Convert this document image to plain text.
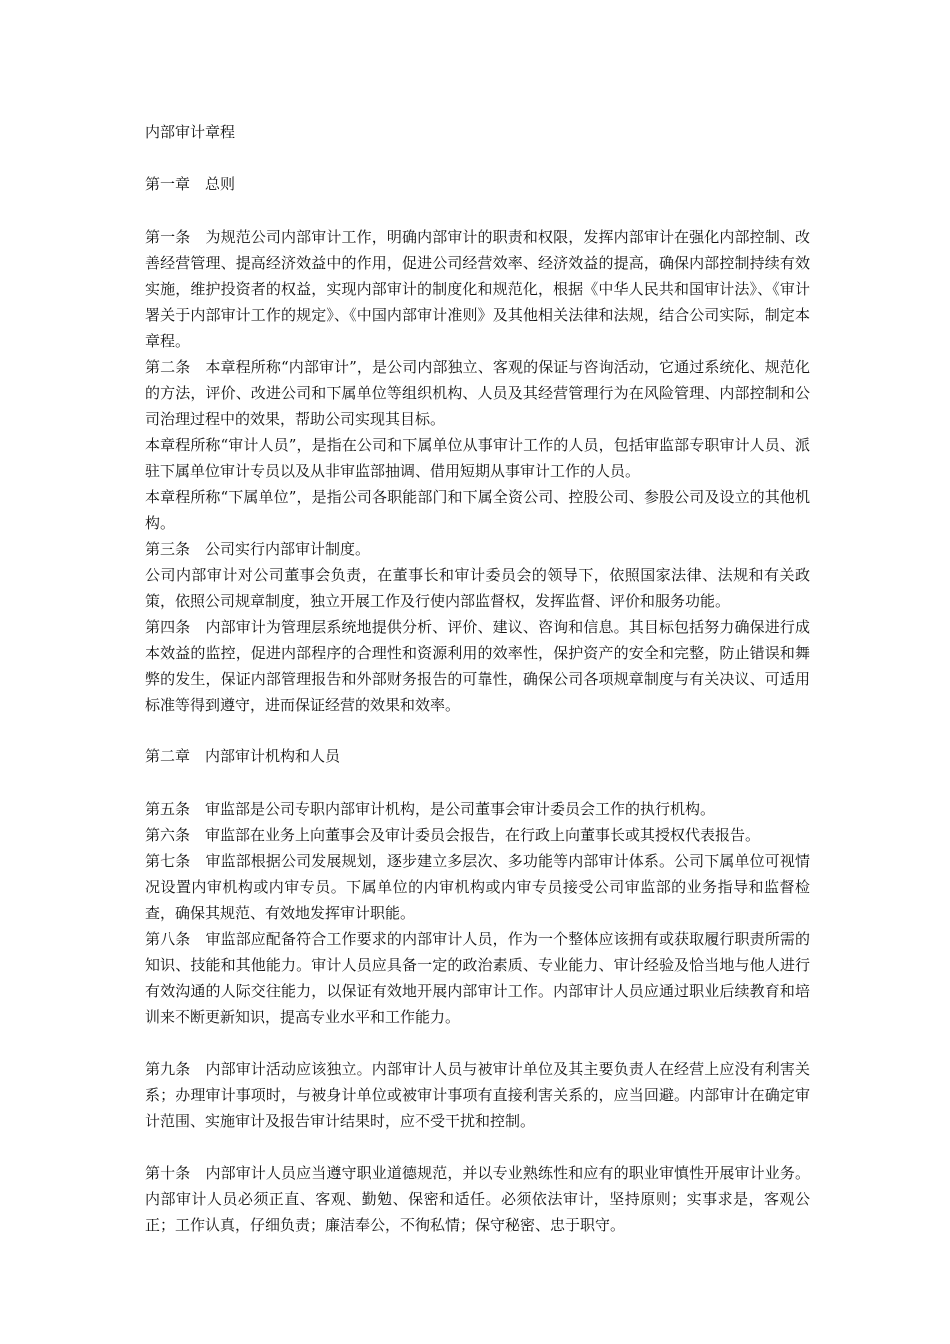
内部审计章程
第一章　总则

第一条　为规范公司内部审计工作，明确内部审计的职责和权限，发挥内部审计在强化内部控制、改善经营管理、提高经济效益中的作用，促进公司经营效率、经济效益的提高，确保内部控制持续有效实施，维护投资者的权益，实现内部审计的制度化和规范化，根据《中华人民共和国审计法》、《审计署关于内部审计工作的规定》、《中国内部审计准则》及其他相关法律和法规，结合公司实际，制定本章程。

第二条　本章程所称“内部审计”，是公司内部独立、客观的保证与咨询活动，它通过系统化、规范化的方法，评价、改进公司和下属单位等组织机构、人员及其经营管理行为在风险管理、内部控制和公司治理过程中的效果，帮助公司实现其目标。

本章程所称“审计人员”，是指在公司和下属单位从事审计工作的人员，包括审监部专职审计人员、派驻下属单位审计专员以及从非审监部抽调、借用短期从事审计工作的人员。

本章程所称“下属单位”，是指公司各职能部门和下属全资公司、控股公司、参股公司及设立的其他机构。

第三条　公司实行内部审计制度。

公司内部审计对公司董事会负责，在董事长和审计委员会的领导下，依照国家法律、法规和有关政策，依照公司规章制度，独立开展工作及行使内部监督权，发挥监督、评价和服务功能。

第四条　内部审计为管理层系统地提供分析、评价、建议、咨询和信息。其目标包括努力确保进行成本效益的监控，促进内部程序的合理性和资源利用的效率性，保护资产的安全和完整，防止错误和舞弊的发生，保证内部管理报告和外部财务报告的可靠性，确保公司各项规章制度与有关决议、可适用标准等得到遵守，进而保证经营的效果和效率。

第二章　内部审计机构和人员

第五条　审监部是公司专职内部审计机构，是公司董事会审计委员会工作的执行机构。

第六条　审监部在业务上向董事会及审计委员会报告，在行政上向董事长或其授权代表报告。

第七条　审监部根据公司发展规划，逐步建立多层次、多功能等内部审计体系。公司下属单位可视情况设置内审机构或内审专员。下属单位的内审机构或内审专员接受公司审监部的业务指导和监督检查，确保其规范、有效地发挥审计职能。

第八条　审监部应配备符合工作要求的内部审计人员，作为一个整体应该拥有或获取履行职责所需的知识、技能和其他能力。审计人员应具备一定的政治素质、专业能力、审计经验及恰当地与他人进行有效沟通的人际交往能力，以保证有效地开展内部审计工作。内部审计人员应通过职业后续教育和培训来不断更新知识，提高专业水平和工作能力。

第九条　内部审计活动应该独立。内部审计人员与被审计单位及其主要负责人在经营上应没有利害关系；办理审计事项时，与被身计单位或被审计事项有直接利害关系的，应当回避。内部审计在确定审计范围、实施审计及报告审计结果时，应不受干扰和控制。

第十条　内部审计人员应当遵守职业道德规范，并以专业熟练性和应有的职业审慎性开展审计业务。内部审计人员必须正直、客观、勤勉、保密和适任。必须依法审计，坚持原则；实事求是，客观公正；工作认真，仔细负责；廉洁奉公，不徇私情；保守秘密、忠于职守。
